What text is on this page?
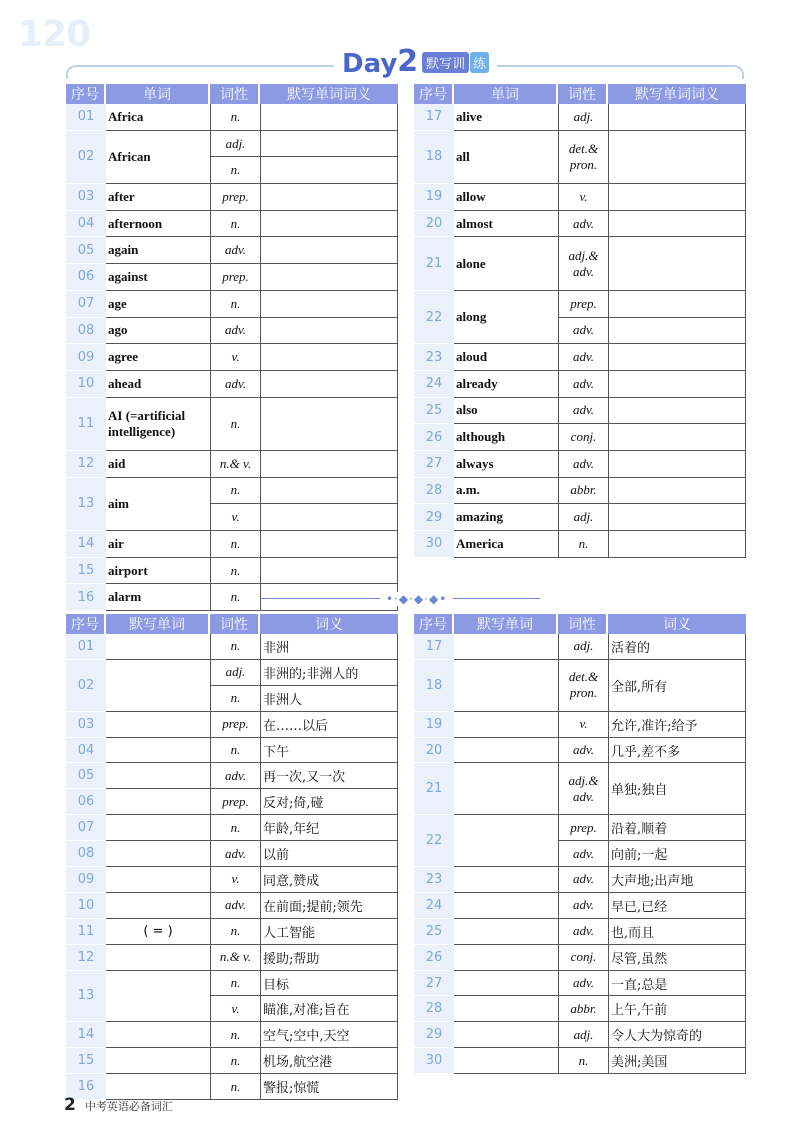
120
Day 2 默写训 练
序号	单词	词性	默写单词词义
01	Africa	n.	
02	African	adj.	
		n.	
03	after	prep.	
04	afternoon	n.	
05	again	adv.	
06	against	prep.	
07	age	n.	
08	ago	adv.	
09	agree	v.	
10	ahead	adv.	
11	AI (=artificial intelligence)	n.	

12	aid	n.& v.	
13	aim	n.	
		v.	
14	air	n.	
15	airport	n.	
16	alarm	n.	
序号	单词	词性	默写单词词义
17	alive	adj.	
18	all	det.& pron.	

19	allow	v.	
20	almost	adv.	
21	alone	adj.& adv.	

22	along	prep.	
		adv.	
23	aloud	adv.	
24	already	adv.	
25	also	adv.	
26	although	conj.	
27	always	adv.	
28	a.m.	abbr.	
29	amazing	adj.	
30	America	n.	
•·◆·◆·◆•
序号	默写单词	词性	词义
01		n.	非洲
02		adj.	非洲的;非洲人的
		n.	非洲人
03		prep.	在……以后
04		n.	下午
05		adv.	再一次,又一次
06		prep.	反对;倚,碰
07		n.	年龄,年纪
08		adv.	以前
09		v.	同意,赞成
10		adv.	在前面;提前;领先
11	( = )	n.	人工智能
12		n.& v.	援助;帮助
13		n.	目标
		v.	瞄准,对准;旨在
14		n.	空气;空中,天空
15		n.	机场,航空港
16		n.	警报;惊慌
序号	默写单词	词性	词义
17		adj.	活着的
18		det.& pron.	全部,所有

19		v.	允许,准许;给予
20		adv.	几乎,差不多
21		adj.& adv.	单独;独自

22		prep.	沿着,顺着
		adv.	向前;一起
23		adv.	大声地;出声地
24		adv.	早已,已经
25		adv.	也,而且
26		conj.	尽管,虽然
27		adv.	一直;总是
28		abbr.	上午,午前
29		adj.	令人大为惊奇的
30		n.	美洲;美国
2 中考英语必备词汇
